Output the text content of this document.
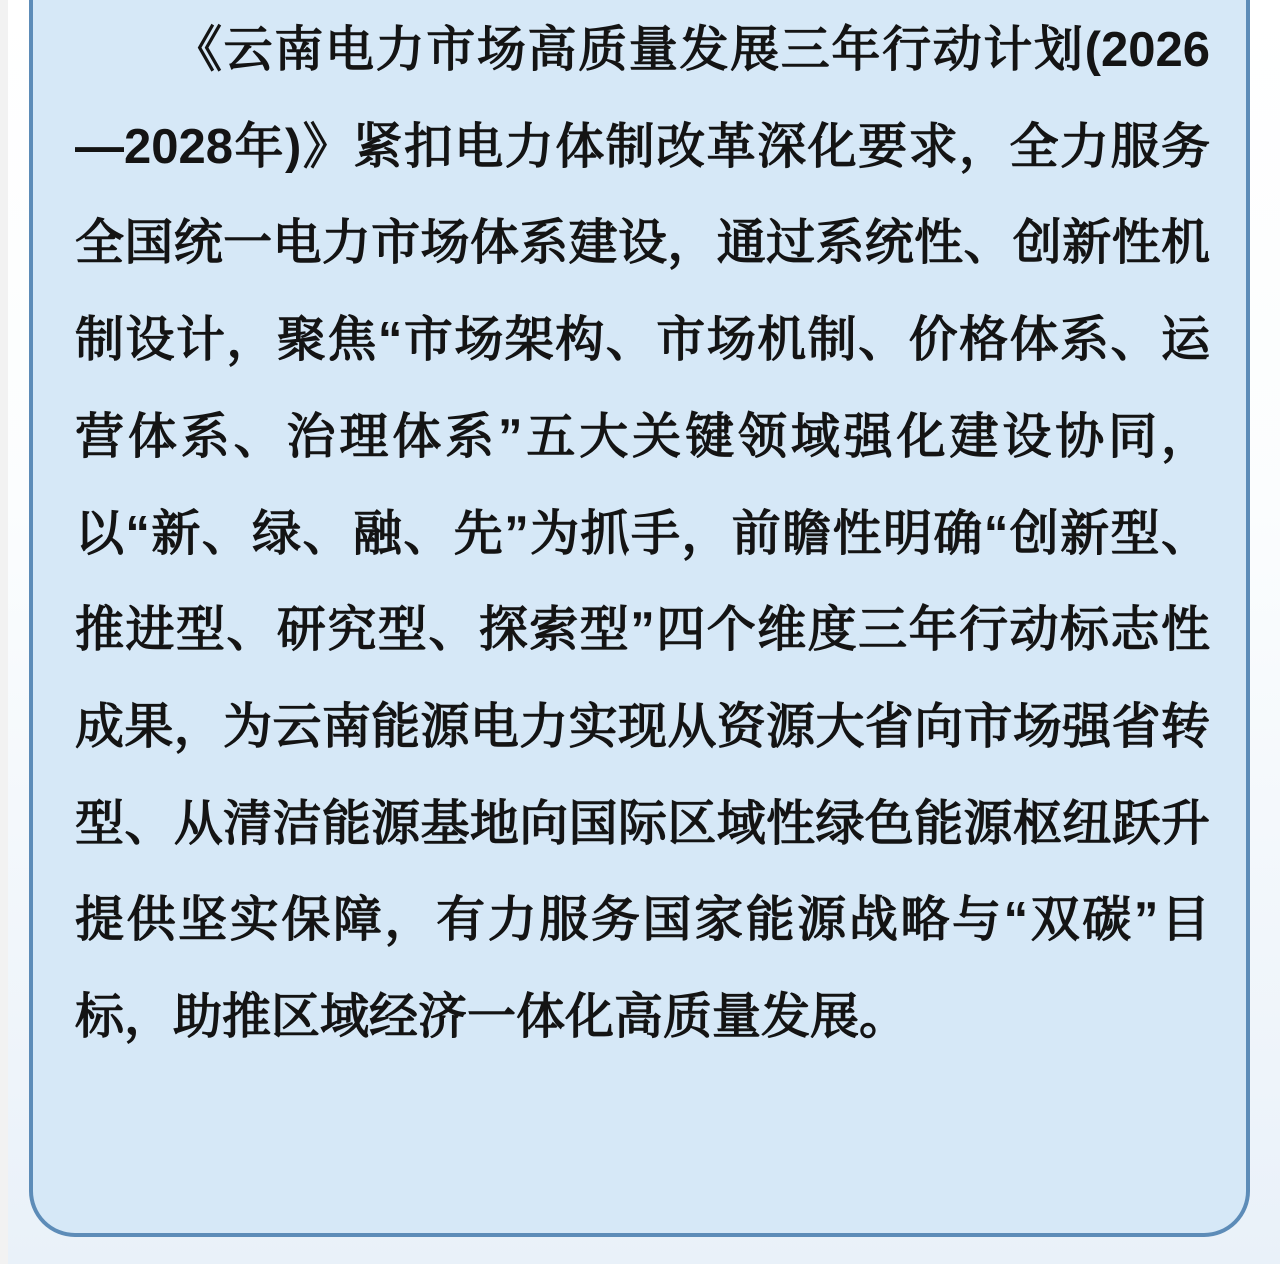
《云南电力市场高质量发展三年行动计划(2026—2028年)》紧扣电力体制改革深化要求，全力服务全国统一电力市场体系建设，通过系统性、创新性机制设计，聚焦“市场架构、市场机制、价格体系、运营体系、治理体系”五大关键领域强化建设协同，以“新、绿、融、先”为抓手，前瞻性明确“创新型、推进型、研究型、探索型”四个维度三年行动标志性成果，为云南能源电力实现从资源大省向市场强省转型、从清洁能源基地向国际区域性绿色能源枢纽跃升提供坚实保障，有力服务国家能源战略与“双碳”目标，助推区域经济一体化高质量发展。
